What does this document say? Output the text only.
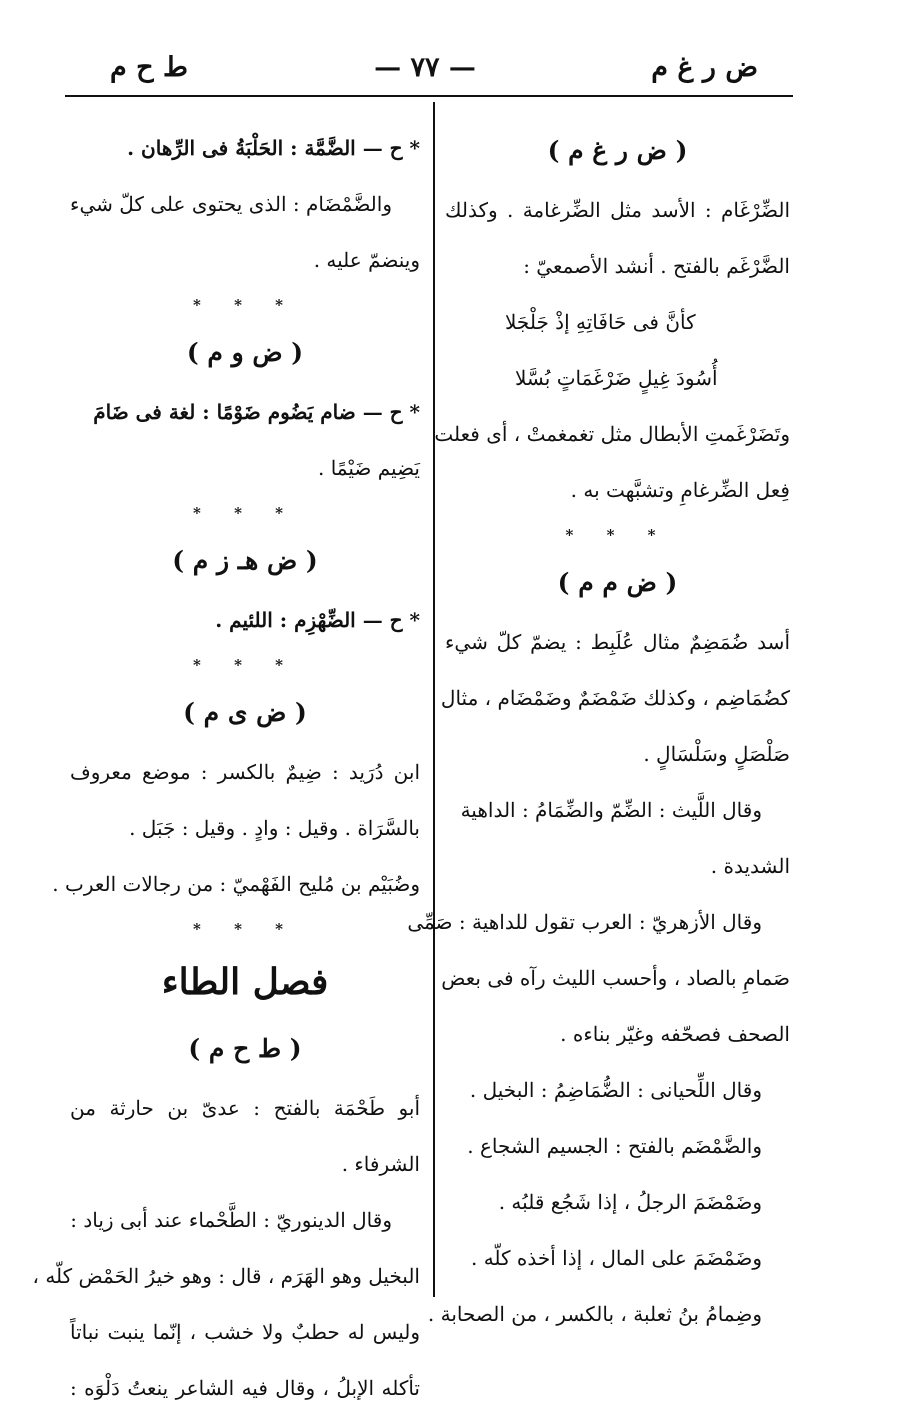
ض ر غ م
— ٧٧ —
ط ح م
( ض ر غ م )
الضِّرْغَام : الأسد مثل الضِّرغامة . وكذلك
الضَّرْغَم بالفتح . أنشد الأصمعيّ :
كأنَّ فى حَافَاتِهِ إذْ جَلْجَلا
أُسُودَ غِيلٍ ضَرْغَمَاتٍ بُسَّلا
وتَضَرْغَمتِ الأبطال مثل تغمغمتْ ، أى فعلت
فِعل الضِّرغامِ وتشبَّهت به .
* * *
( ض م م )
أسد ضُمَضِمٌ مثال عُلَبِط : يضمّ كلّ شيء
كضُمَاضِم ، وكذلك ضَمْضَمٌ وضَمْضَام ، مثال
صَلْصَلٍ وسَلْسَالٍ .
وقال اللَّيث : الضِّمّ والضِّمَامُ : الداهية
الشديدة .
وقال الأزهريّ : العرب تقول للداهية : صَمِّى
صَمامِ بالصاد ، وأحسب الليث رآه فى بعض
الصحف فصحّفه وغيّر بناءه .
وقال اللِّحيانى : الضُّمَاضِمُ : البخيل .
والضَّمْضَم بالفتح : الجسيم الشجاع .
وضَمْضَمَ الرجلُ ، إذا شَجُع قلبُه .
وضَمْضَمَ على المال ، إذا أخذه كلّه .
وضِمامُ بنُ ثعلبة ، بالكسر ، من الصحابة .
* ح — الضَّمَّة : الحَلْبَةُ فى الرِّهان .
والضَّمْضَام : الذى يحتوى على كلّ شيء
وينضمّ عليه .
* * *
( ض و م )
* ح — ضام يَضُوم ضَوْمًا : لغة فى ضَامَ
يَضِيم ضَيْمًا .
* * *
( ض هـ ز م )
* ح — الضِّهْزِم : اللئيم .
* * *
( ض ى م )
ابن دُرَيد : ضِيمٌ بالكسر : موضع معروف
بالسَّرَاة . وقيل : وادٍ . وقيل : جَبَل .
وضُبَيْم بن مُليح الفَهْميّ : من رجالات العرب .
* * *
فصل الطاء
( ط ح م )
أبو طَحْمَة بالفتح : عدىّ بن حارثة من
الشرفاء .
وقال الدينوريّ : الطَّحْماء عند أبى زياد :
البخيل وهو الهَرَم ، قال : وهو خيرُ الحَمْض كلّه ،
وليس له حطبٌ ولا خشب ، إنّما ينبت نباتاً
تأكله الإبلُ ، وقال فيه الشاعر ينعتُ دَلْوَه :
